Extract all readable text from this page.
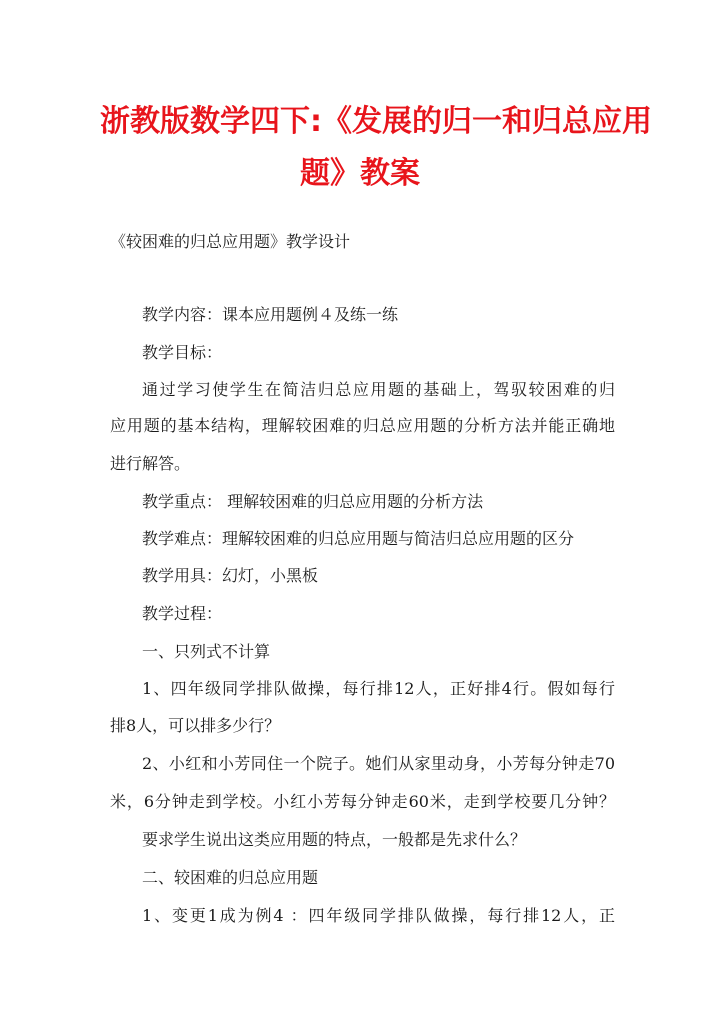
浙教版数学四下:《发展的归一和归总应用
题》教案

《较困难的归总应用题》教学设计

教学内容：课本应用题例４及练一练

教学目标：

通过学习使学生在简洁归总应用题的基础上，驾驭较困难的归

应用题的基本结构，理解较困难的归总应用题的分析方法并能正确地

进行解答。

教学重点： 理解较困难的归总应用题的分析方法

教学难点：理解较困难的归总应用题与简洁归总应用题的区分

教学用具：幻灯，小黑板

教学过程：

一、只列式不计算

1、四年级同学排队做操，每行排12人，正好排4行。假如每行

排8人，可以排多少行？

2、小红和小芳同住一个院子。她们从家里动身，小芳每分钟走70

米，6分钟走到学校。小红小芳每分钟走60米，走到学校要几分钟？

要求学生说出这类应用题的特点，一般都是先求什么？

二、较困难的归总应用题

1、变更1成为例4 ：四年级同学排队做操，每行排12人，正
